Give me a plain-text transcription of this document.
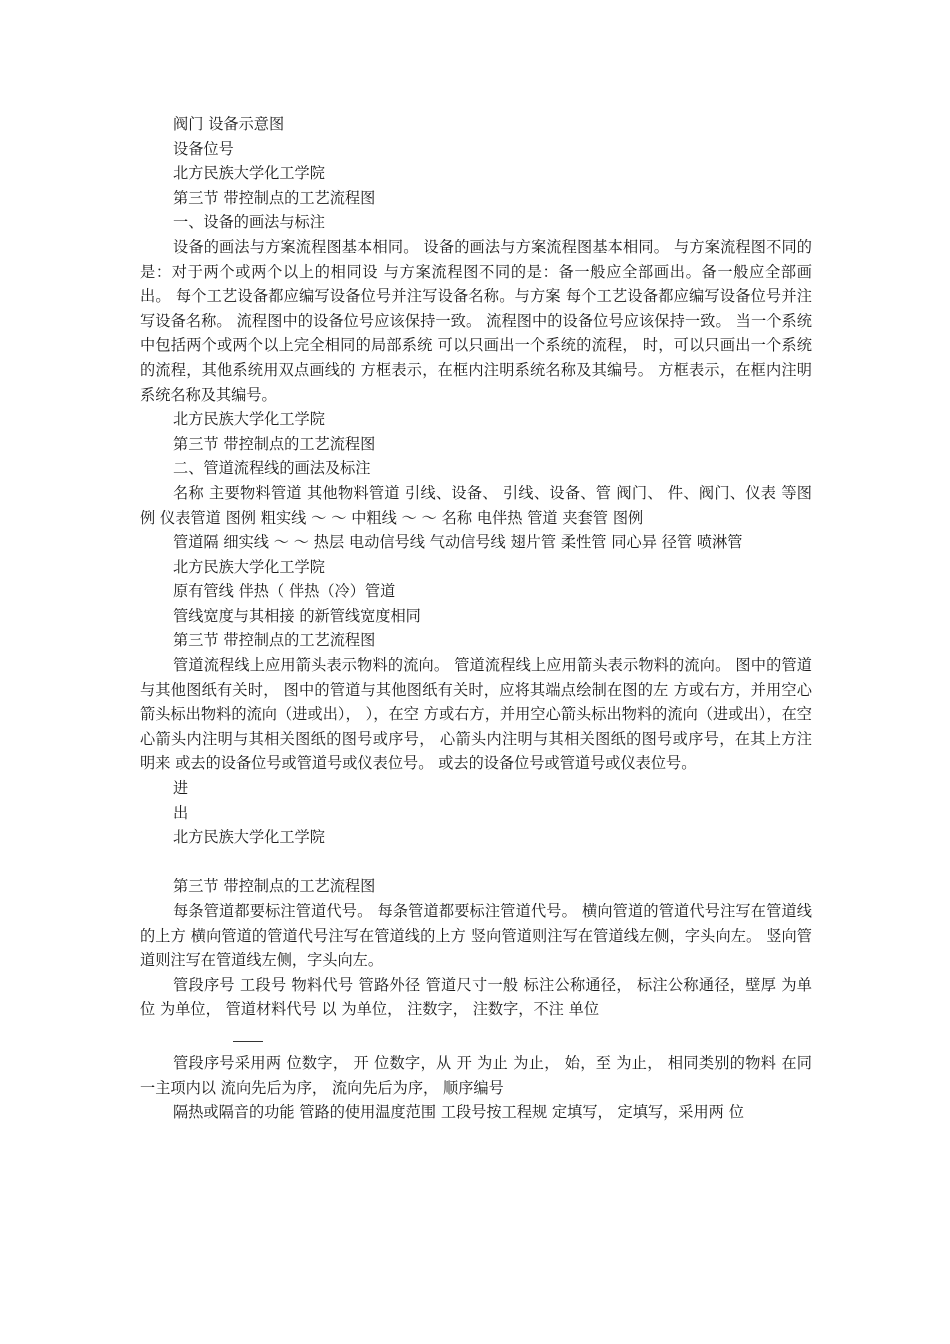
阀门 设备示意图

设备位号

北方民族大学化工学院

第三节 带控制点的工艺流程图

一、设备的画法与标注

设备的画法与方案流程图基本相同。 设备的画法与方案流程图基本相同。 与方案流程图不同的是：对于两个或两个以上的相同设 与方案流程图不同的是：备一般应全部画出。备一般应全部画出。 每个工艺设备都应编写设备位号并注写设备名称。与方案 每个工艺设备都应编写设备位号并注写设备名称。 流程图中的设备位号应该保持一致。 流程图中的设备位号应该保持一致。 当一个系统中包括两个或两个以上完全相同的局部系统 可以只画出一个系统的流程， 时，可以只画出一个系统的流程，其他系统用双点画线的 方框表示，在框内注明系统名称及其编号。 方框表示，在框内注明系统名称及其编号。

北方民族大学化工学院

第三节 带控制点的工艺流程图

二、管道流程线的画法及标注

名称 主要物料管道 其他物料管道 引线、设备、 引线、设备、管 阀门、 件、阀门、仪表 等图例 仪表管道 图例 粗实线 ～ ～ 中粗线 ～ ～ 名称 电伴热 管道 夹套管 图例

管道隔 细实线 ～ ～ 热层 电动信号线 气动信号线 翅片管 柔性管 同心异 径管 喷淋管

北方民族大学化工学院

原有管线 伴热（ 伴热（冷）管道

管线宽度与其相接 的新管线宽度相同

第三节 带控制点的工艺流程图

管道流程线上应用箭头表示物料的流向。 管道流程线上应用箭头表示物料的流向。 图中的管道与其他图纸有关时， 图中的管道与其他图纸有关时，应将其端点绘制在图的左 方或右方，并用空心箭头标出物料的流向（进或出）， ），在空 方或右方，并用空心箭头标出物料的流向（进或出），在空 心箭头内注明与其相关图纸的图号或序号， 心箭头内注明与其相关图纸的图号或序号，在其上方注明来 或去的设备位号或管道号或仪表位号。 或去的设备位号或管道号或仪表位号。

进

出

北方民族大学化工学院

第三节 带控制点的工艺流程图

每条管道都要标注管道代号。 每条管道都要标注管道代号。 横向管道的管道代号注写在管道线的上方 横向管道的管道代号注写在管道线的上方 竖向管道则注写在管道线左侧，字头向左。 竖向管道则注写在管道线左侧，字头向左。

管段序号 工段号 物料代号 管路外径 管道尺寸一般 标注公称通径， 标注公称通径，壁厚 为单位 为单位， 管道材料代号 以 为单位， 注数字， 注数字，不注 单位

管段序号采用两 位数字， 开 位数字，从 开 为止 为止， 始，至 为止， 相同类别的物料 在同一主项内以 流向先后为序， 流向先后为序， 顺序编号

隔热或隔音的功能 管路的使用温度范围 工段号按工程规 定填写， 定填写，采用两 位
